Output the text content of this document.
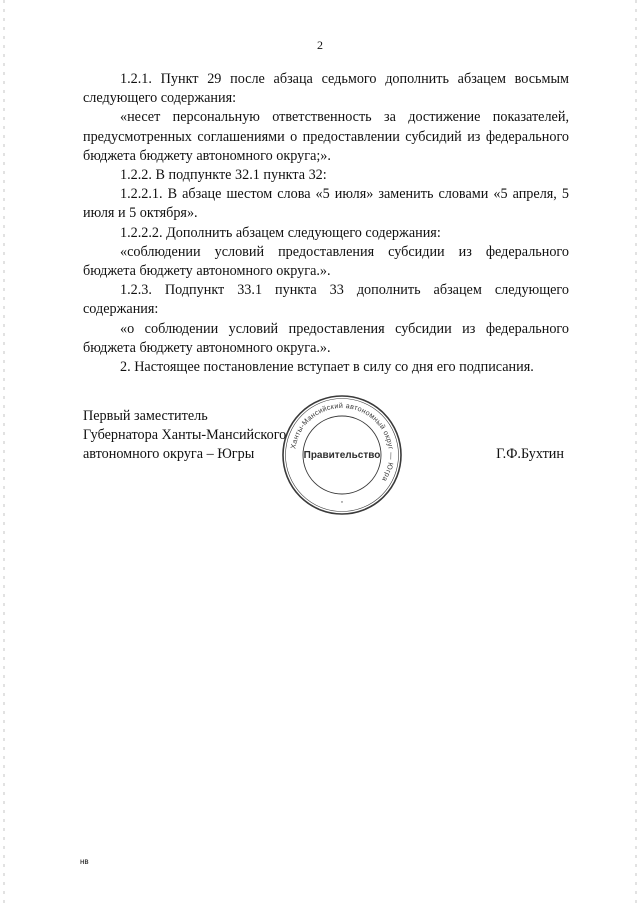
2

1.2.1. Пункт 29 после абзаца седьмого дополнить абзацем восьмым следующего содержания:

«несет персональную ответственность за достижение показателей, предусмотренных соглашениями о предоставлении субсидий из федерального бюджета бюджету автономного округа;».

1.2.2. В подпункте 32.1 пункта 32:

1.2.2.1. В абзаце шестом слова «5 июля» заменить словами «5 апреля, 5 июля и 5 октября».

1.2.2.2. Дополнить абзацем следующего содержания:

«соблюдении условий предоставления субсидии из федерального бюджета бюджету автономного округа.».

1.2.3. Подпункт 33.1 пункта 33 дополнить абзацем следующего содержания:

«о соблюдении условий предоставления субсидии из федерального бюджета бюджету автономного округа.».

2. Настоящее постановление вступает в силу со дня его подписания.

Первый заместитель
Губернатора Ханты-Мансийского
автономного округа – Югры
Ханты-Мансийский автономный округ — Югра
Правительство
*
Г.Ф.Бухтин
нв
